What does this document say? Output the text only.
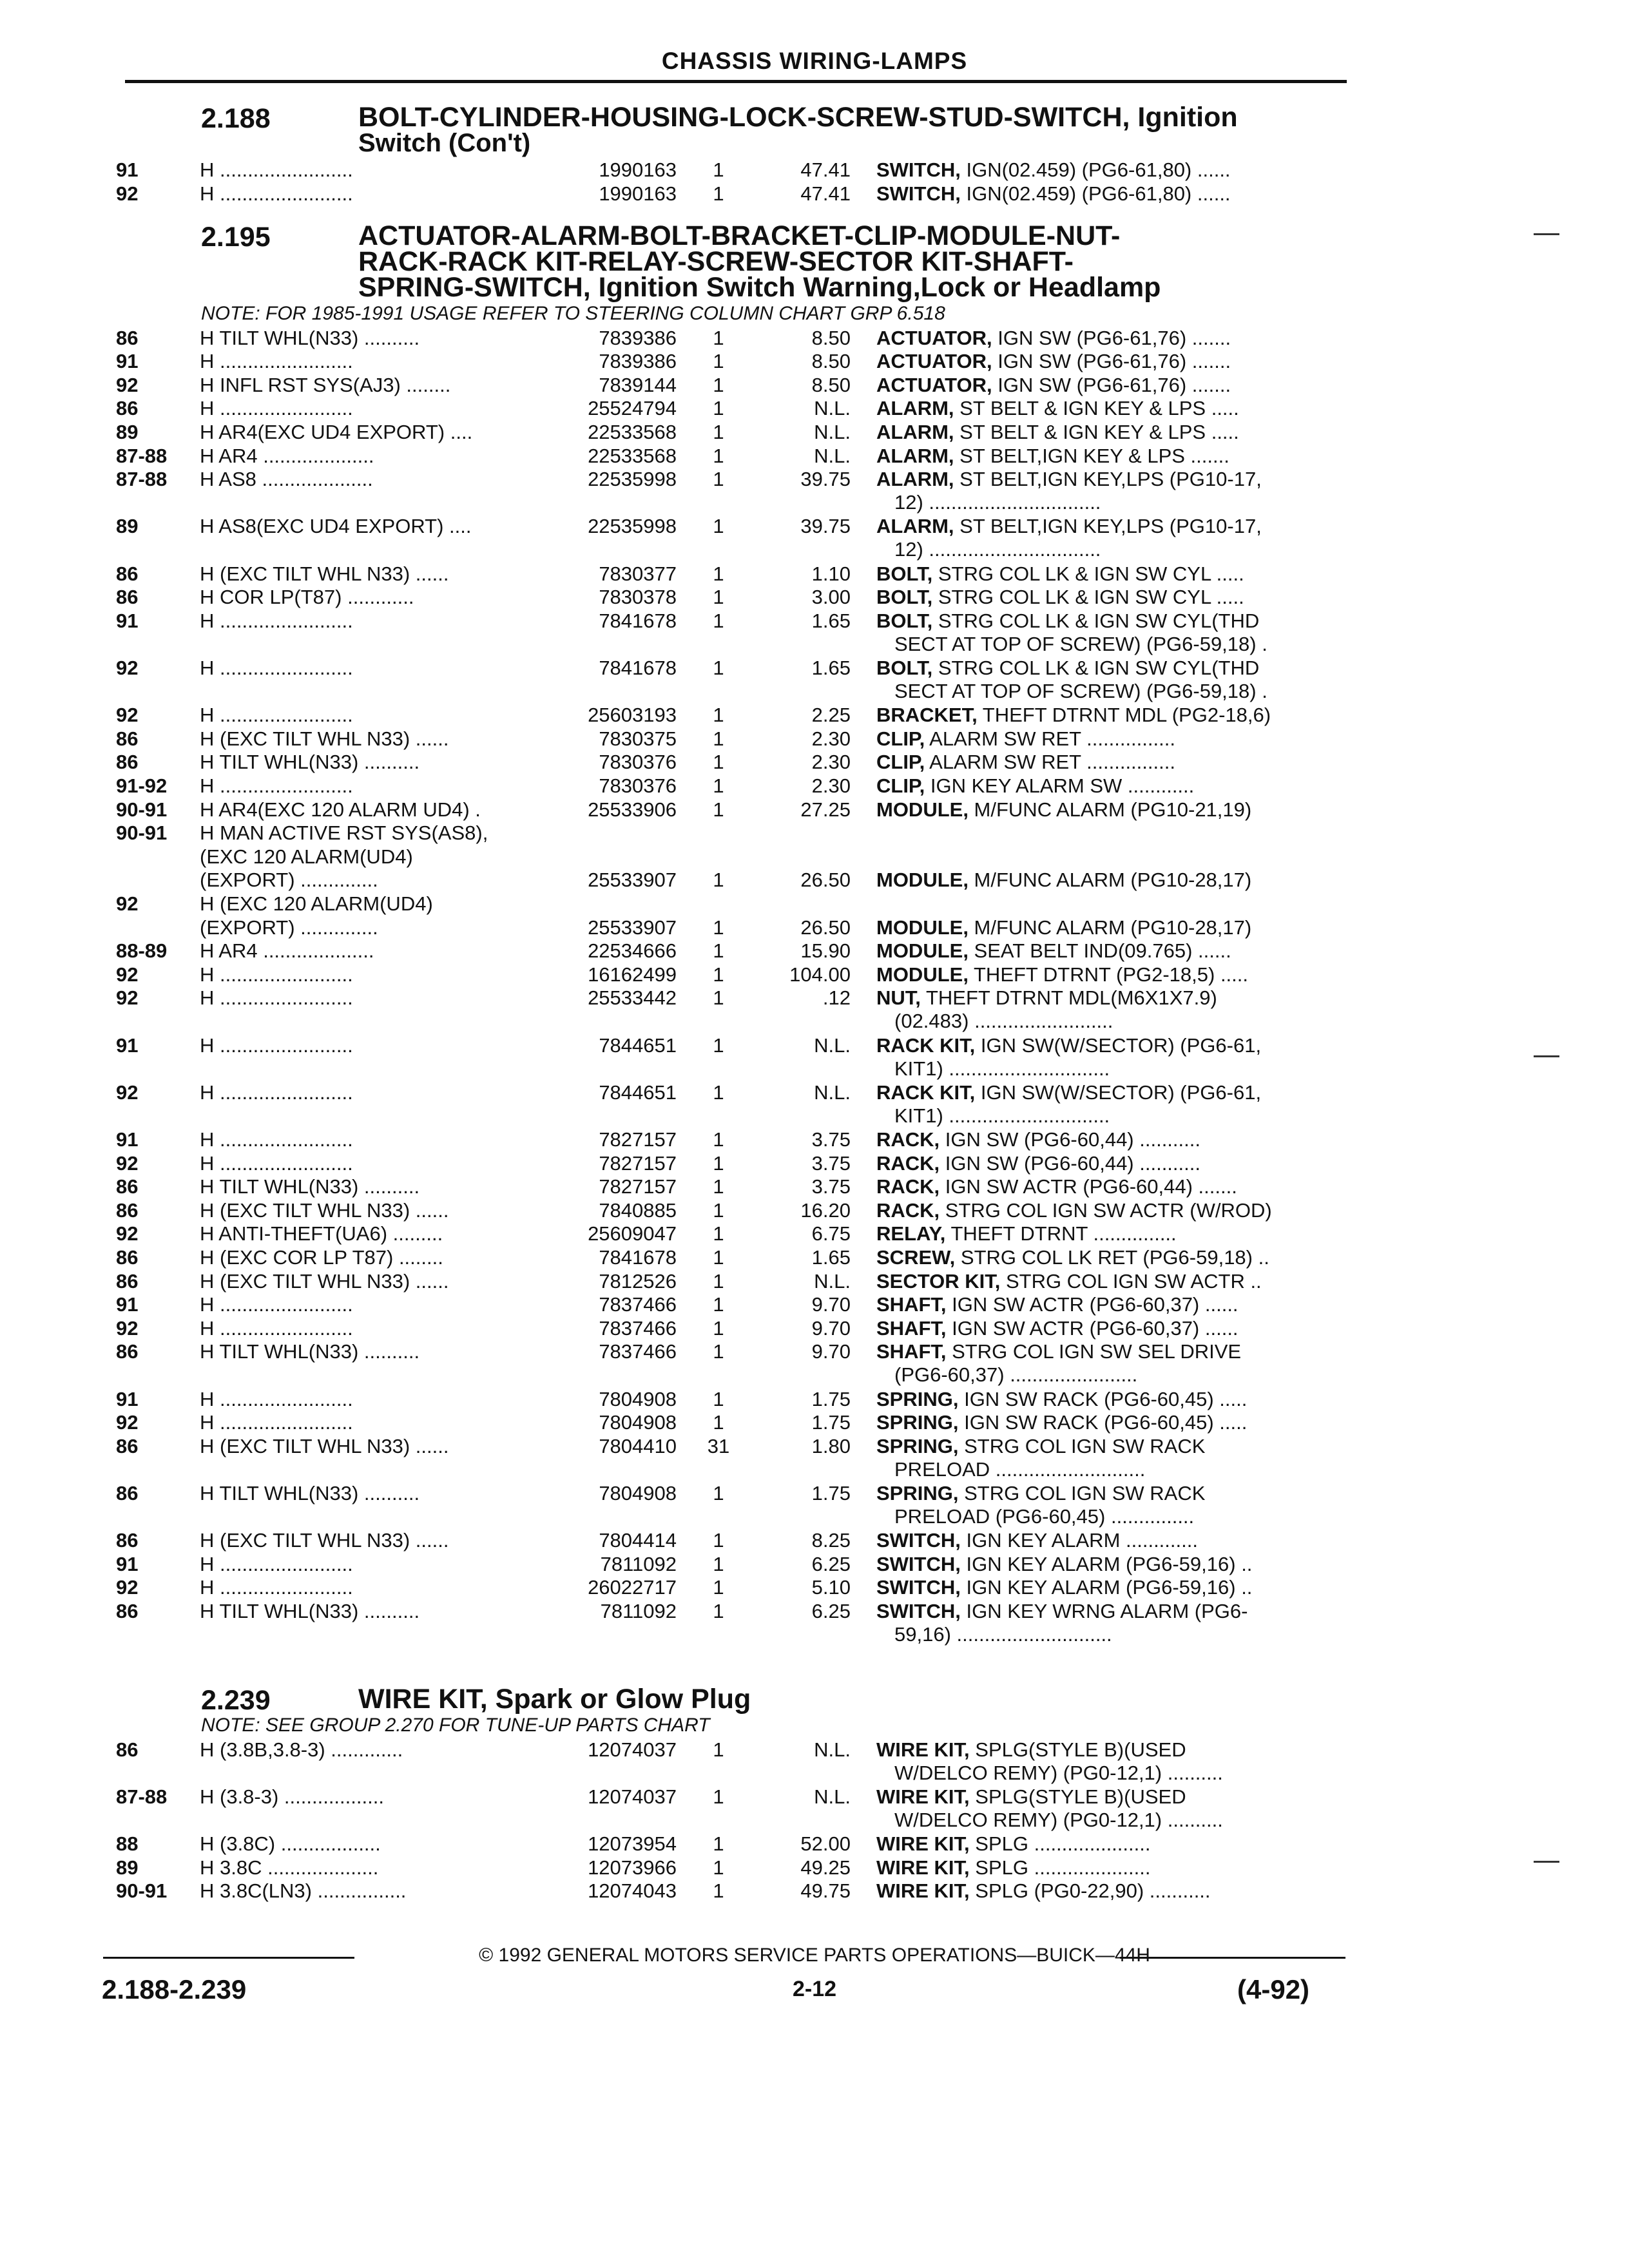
CHASSIS WIRING-LAMPS
2.188	BOLT-CYLINDER-HOUSING-LOCK-SCREW-STUD-SWITCH, Ignition
Switch (Con't)
91	H ........................	1990163	1	47.41 SWITCH, IGN(02.459) (PG6-61,80) ......
92	H ........................	1990163	1	47.41 SWITCH, IGN(02.459) (PG6-61,80) ......
2.195	ACTUATOR-ALARM-BOLT-BRACKET-CLIP-MODULE-NUT-
RACK-RACK KIT-RELAY-SCREW-SECTOR KIT-SHAFT-
SPRING-SWITCH, Ignition Switch Warning,Lock or Headlamp
NOTE: FOR 1985-1991 USAGE REFER TO STEERING COLUMN CHART GRP 6.518
86	H TILT WHL(N33) ..........	7839386	1	8.50 ACTUATOR, IGN SW (PG6-61,76) .......
91	H ........................	7839386	1	8.50 ACTUATOR, IGN SW (PG6-61,76) .......
92	H INFL RST SYS(AJ3) ........	7839144	1	8.50 ACTUATOR, IGN SW (PG6-61,76) .......
86	H ........................	25524794	1	N.L. ALARM, ST BELT & IGN KEY & LPS .....
89	H AR4(EXC UD4 EXPORT) ....	22533568	1	N.L. ALARM, ST BELT & IGN KEY & LPS .....
87-88 H AR4 ....................	22533568	1	N.L. ALARM, ST BELT,IGN KEY & LPS .......
87-88 H AS8 ....................	22535998	1	39.75 ALARM, ST BELT,IGN KEY,LPS (PG10-17,
12) ...............................
89	H AS8(EXC UD4 EXPORT) ....	22535998	1	39.75 ALARM, ST BELT,IGN KEY,LPS (PG10-17,
12) ...............................
86	H (EXC TILT WHL N33) ......	7830377	1	1.10 BOLT, STRG COL LK & IGN SW CYL .....
86	H COR LP(T87) ............	7830378	1	3.00 BOLT, STRG COL LK & IGN SW CYL .....
91	H ........................	7841678	1	1.65 BOLT, STRG COL LK & IGN SW CYL(THD
SECT AT TOP OF SCREW) (PG6-59,18) .
92	H ........................	7841678	1	1.65 BOLT, STRG COL LK & IGN SW CYL(THD
SECT AT TOP OF SCREW) (PG6-59,18) .
92	H ........................	25603193	1	2.25 BRACKET, THEFT DTRNT MDL (PG2-18,6)
86	H (EXC TILT WHL N33) ......	7830375	1	2.30 CLIP, ALARM SW RET ................
86	H TILT WHL(N33) ..........	7830376	1	2.30 CLIP, ALARM SW RET ................
91-92 H ........................	7830376	1	2.30 CLIP, IGN KEY ALARM SW ............
90-91 H AR4(EXC 120 ALARM UD4) .	25533906	1	27.25 MODULE, M/FUNC ALARM (PG10-21,19)
90-91 H MAN ACTIVE RST SYS(AS8),
(EXC 120 ALARM(UD4)
(EXPORT) ..............	25533907	1	26.50 MODULE, M/FUNC ALARM (PG10-28,17)
92	H (EXC 120 ALARM(UD4)
(EXPORT) ..............	25533907	1	26.50 MODULE, M/FUNC ALARM (PG10-28,17)
88-89 H AR4 ....................	22534666	1	15.90 MODULE, SEAT BELT IND(09.765) ......
92	H ........................	16162499	1	104.00 MODULE, THEFT DTRNT (PG2-18,5) .....
92	H ........................	25533442	1	.12 NUT, THEFT DTRNT MDL(M6X1X7.9)
(02.483) .........................
91	H ........................	7844651	1	N.L. RACK KIT, IGN SW(W/SECTOR) (PG6-61,
KIT1) .............................
92	H ........................	7844651	1	N.L. RACK KIT, IGN SW(W/SECTOR) (PG6-61,
KIT1) .............................
91	H ........................	7827157	1	3.75 RACK, IGN SW (PG6-60,44) ...........
92	H ........................	7827157	1	3.75 RACK, IGN SW (PG6-60,44) ...........
86	H TILT WHL(N33) ..........	7827157	1	3.75 RACK, IGN SW ACTR (PG6-60,44) .......
86	H (EXC TILT WHL N33) ......	7840885	1	16.20 RACK, STRG COL IGN SW ACTR (W/ROD)
92	H ANTI-THEFT(UA6) .........	25609047	1	6.75 RELAY, THEFT DTRNT ...............
86	H (EXC COR LP T87) ........	7841678	1	1.65 SCREW, STRG COL LK RET (PG6-59,18) ..
86	H (EXC TILT WHL N33) ......	7812526	1	N.L. SECTOR KIT, STRG COL IGN SW ACTR ..
91	H ........................	7837466	1	9.70 SHAFT, IGN SW ACTR (PG6-60,37) ......
92	H ........................	7837466	1	9.70 SHAFT, IGN SW ACTR (PG6-60,37) ......
86	H TILT WHL(N33) ..........	7837466	1	9.70 SHAFT, STRG COL IGN SW SEL DRIVE
(PG6-60,37) .......................
91	H ........................	7804908	1	1.75 SPRING, IGN SW RACK (PG6-60,45) .....
92	H ........................	7804908	1	1.75 SPRING, IGN SW RACK (PG6-60,45) .....
86	H (EXC TILT WHL N33) ......	7804410	31	1.80 SPRING, STRG COL IGN SW RACK
PRELOAD ...........................
86	H TILT WHL(N33) ..........	7804908	1	1.75 SPRING, STRG COL IGN SW RACK
PRELOAD (PG6-60,45) ...............
86	H (EXC TILT WHL N33) ......	7804414	1	8.25 SWITCH, IGN KEY ALARM .............
91	H ........................	7811092	1	6.25 SWITCH, IGN KEY ALARM (PG6-59,16) ..
92	H ........................	26022717	1	5.10 SWITCH, IGN KEY ALARM (PG6-59,16) ..
86	H TILT WHL(N33) ..........	7811092	1	6.25 SWITCH, IGN KEY WRNG ALARM (PG6-
59,16) ............................
2.239	WIRE KIT, Spark or Glow Plug
NOTE: SEE GROUP 2.270 FOR TUNE-UP PARTS CHART
86	H (3.8B,3.8-3) .............	12074037	1	N.L. WIRE KIT, SPLG(STYLE B)(USED
W/DELCO REMY) (PG0-12,1) ..........
87-88 H (3.8-3) ..................	12074037	1	N.L. WIRE KIT, SPLG(STYLE B)(USED
W/DELCO REMY) (PG0-12,1) ..........
88	H (3.8C) ..................	12073954	1	52.00 WIRE KIT, SPLG .....................
89	H 3.8C ....................	12073966	1	49.25 WIRE KIT, SPLG .....................
90-91 H 3.8C(LN3) ................	12074043	1	49.75 WIRE KIT, SPLG (PG0-22,90) ...........
© 1992 GENERAL MOTORS SERVICE PARTS OPERATIONS—BUICK—44H
2.188-2.239	2-12	(4-92)
